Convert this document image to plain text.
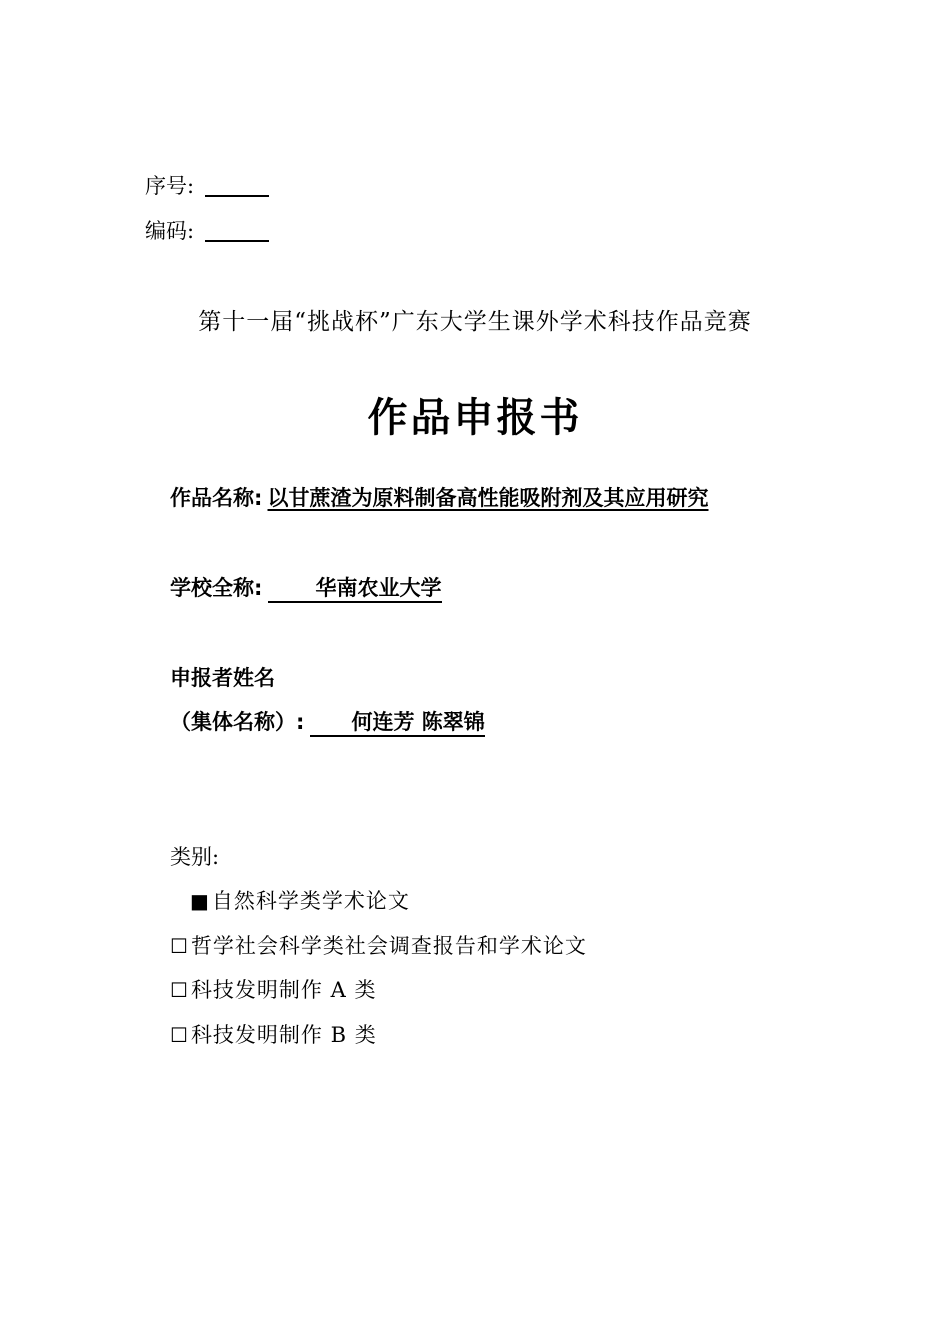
序号:
编码:
第十一届“挑战杯”广东大学生课外学术科技作品竞赛
作品申报书
作品名称: 以甘蔗渣为原料制备高性能吸附剂及其应用研究
学校全称:	华南农业大学
申报者姓名
（集体名称）: 何连芳 陈翠锦
类别:
■自然科学类学术论文
☐哲学社会科学类社会调查报告和学术论文
☐科技发明制作 A 类
☐科技发明制作 B 类
